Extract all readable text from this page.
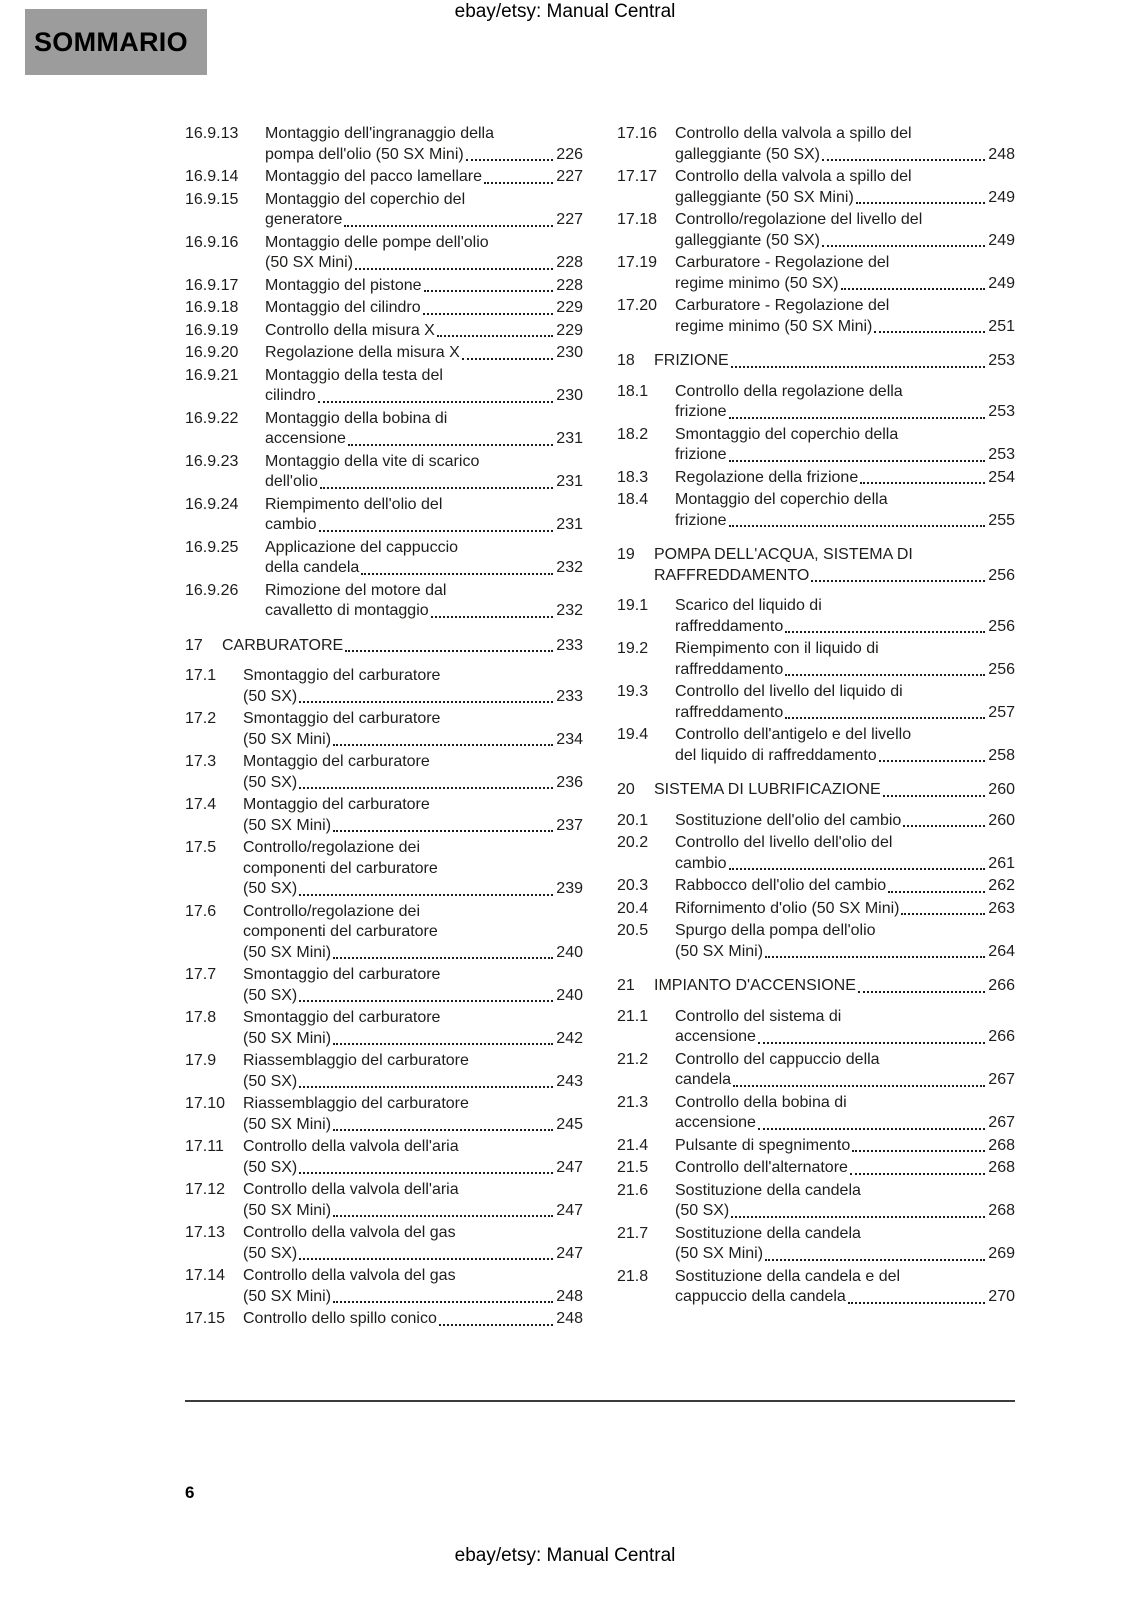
ebay/etsy: Manual Central
SOMMARIO
16.9.13	Montaggio dell'ingranaggio della
pompa dell'olio (50 SX Mini)	226
16.9.14	Montaggio del pacco lamellare	227
16.9.15	Montaggio del coperchio del
generatore	227
16.9.16	Montaggio delle pompe dell'olio
(50 SX Mini)	228
16.9.17	Montaggio del pistone	228
16.9.18	Montaggio del cilindro	229
16.9.19	Controllo della misura X	229
16.9.20	Regolazione della misura X	230
16.9.21	Montaggio della testa del
cilindro	230
16.9.22	Montaggio della bobina di
accensione	231
16.9.23	Montaggio della vite di scarico
dell'olio	231
16.9.24	Riempimento dell'olio del
cambio	231
16.9.25	Applicazione del cappuccio
della candela	232
16.9.26	Rimozione del motore dal
cavalletto di montaggio	232
17	CARBURATORE	233
17.1	Smontaggio del carburatore
(50 SX)	233
17.2	Smontaggio del carburatore
(50 SX Mini)	234
17.3	Montaggio del carburatore
(50 SX)	236
17.4	Montaggio del carburatore
(50 SX Mini)	237
17.5	Controllo/regolazione dei
componenti del carburatore
(50 SX)	239
17.6	Controllo/regolazione dei
componenti del carburatore
(50 SX Mini)	240
17.7	Smontaggio del carburatore
(50 SX)	240
17.8	Smontaggio del carburatore
(50 SX Mini)	242
17.9	Riassemblaggio del carburatore
(50 SX)	243
17.10	Riassemblaggio del carburatore
(50 SX Mini)	245
17.11	Controllo della valvola dell'aria
(50 SX)	247
17.12	Controllo della valvola dell'aria
(50 SX Mini)	247
17.13	Controllo della valvola del gas
(50 SX)	247
17.14	Controllo della valvola del gas
(50 SX Mini)	248
17.15	Controllo dello spillo conico	248
17.16	Controllo della valvola a spillo del
galleggiante (50 SX)	248
17.17	Controllo della valvola a spillo del
galleggiante (50 SX Mini)	249
17.18	Controllo/regolazione del livello del
galleggiante (50 SX)	249
17.19	Carburatore - Regolazione del
regime minimo (50 SX)	249
17.20	Carburatore - Regolazione del
regime minimo (50 SX Mini)	251
18	FRIZIONE	253
18.1	Controllo della regolazione della
frizione	253
18.2	Smontaggio del coperchio della
frizione	253
18.3	Regolazione della frizione	254
18.4	Montaggio del coperchio della
frizione	255
19	POMPA DELL'ACQUA, SISTEMA DI
RAFFREDDAMENTO	256
19.1	Scarico del liquido di
raffreddamento	256
19.2	Riempimento con il liquido di
raffreddamento	256
19.3	Controllo del livello del liquido di
raffreddamento	257
19.4	Controllo dell'antigelo e del livello
del liquido di raffreddamento	258
20	SISTEMA DI LUBRIFICAZIONE	260
20.1	Sostituzione dell'olio del cambio	260
20.2	Controllo del livello dell'olio del
cambio	261
20.3	Rabbocco dell'olio del cambio	262
20.4	Rifornimento d'olio (50 SX Mini)	263
20.5	Spurgo della pompa dell'olio
(50 SX Mini)	264
21	IMPIANTO D'ACCENSIONE	266
21.1	Controllo del sistema di
accensione	266
21.2	Controllo del cappuccio della
candela	267
21.3	Controllo della bobina di
accensione	267
21.4	Pulsante di spegnimento	268
21.5	Controllo dell'alternatore	268
21.6	Sostituzione della candela
(50 SX)	268
21.7	Sostituzione della candela
(50 SX Mini)	269
21.8	Sostituzione della candela e del
cappuccio della candela	270
6
ebay/etsy: Manual Central
